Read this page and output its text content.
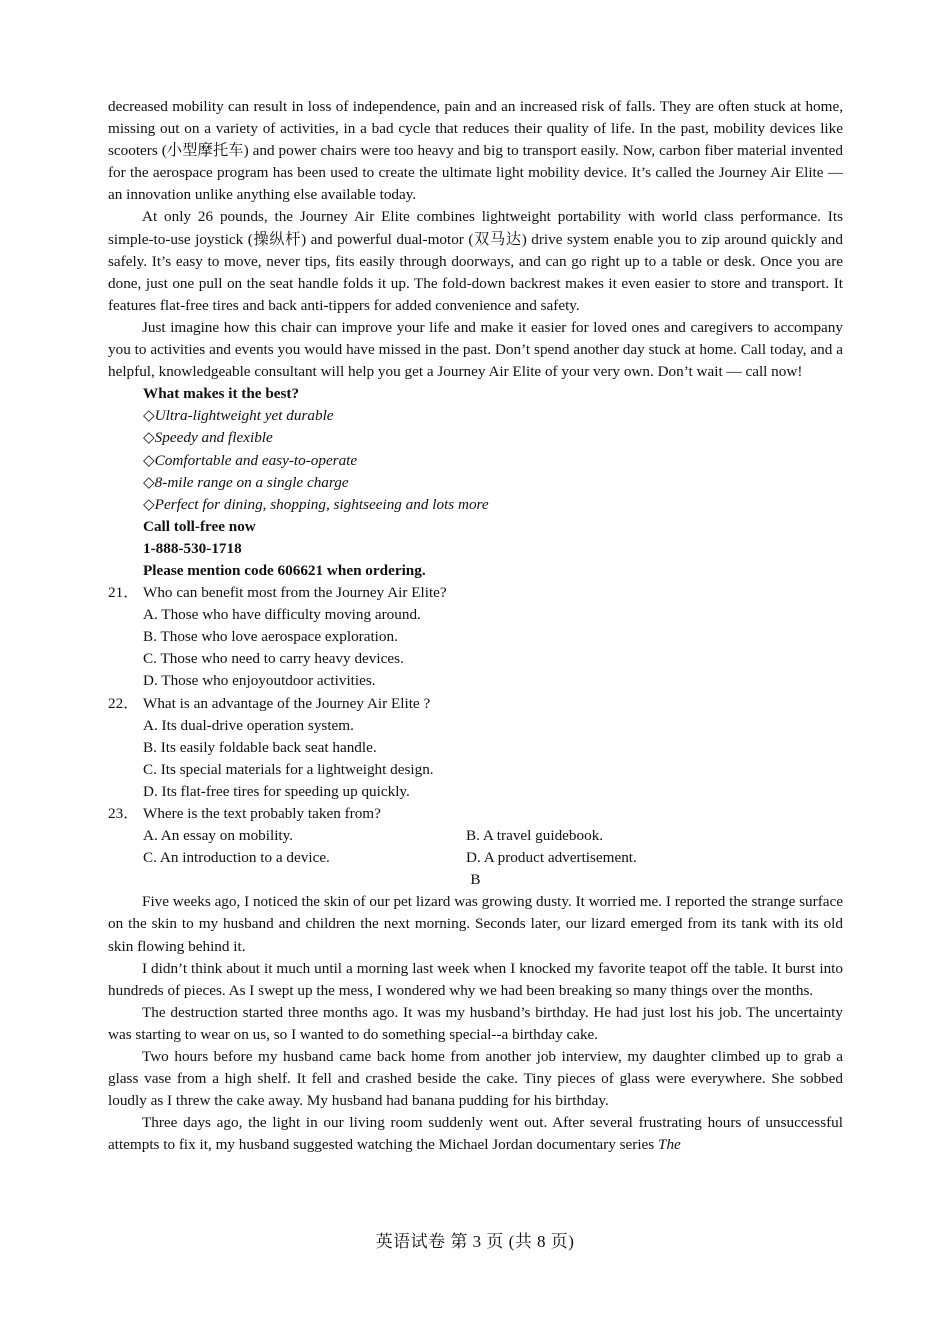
decreased mobility can result in loss of independence, pain and an increased risk of falls. They are often stuck at home, missing out on a variety of activities, in a bad cycle that reduces their quality of life. In the past, mobility devices like scooters (小型摩托车) and power chairs were too heavy and big to transport easily. Now, carbon fiber material invented for the aerospace program has been used to create the ultimate light mobility device. It’s called the Journey Air Elite — an innovation unlike anything else available today.

At only 26 pounds, the Journey Air Elite combines lightweight portability with world class performance. Its simple-to-use joystick (操纵杆) and powerful dual-motor (双马达) drive system enable you to zip around quickly and safely. It’s easy to move, never tips, fits easily through doorways, and can go right up to a table or desk. Once you are done, just one pull on the seat handle folds it up. The fold-down backrest makes it even easier to store and transport. It features flat-free tires and back anti-tippers for added convenience and safety.

Just imagine how this chair can improve your life and make it easier for loved ones and caregivers to accompany you to activities and events you would have missed in the past. Don’t spend another day stuck at home. Call today, and a helpful, knowledgeable consultant will help you get a Journey Air Elite of your very own. Don’t wait — call now!

What makes it the best?
◇Ultra-lightweight yet durable
◇Speedy and flexible
◇Comfortable and easy-to-operate
◇8-mile range on a single charge
◇Perfect for dining, shopping, sightseeing and lots more
Call toll-free now
1-888-530-1718
Please mention code 606621 when ordering.
21． Who can benefit most from the Journey Air Elite?
A. Those who have difficulty moving around.
B. Those who love aerospace exploration.
C. Those who need to carry heavy devices.
D. Those who enjoyoutdoor activities.
22． What is an advantage of the Journey Air Elite ?
A. Its dual-drive operation system.
B. Its easily foldable back seat handle.
C. Its special materials for a lightweight design.
D. Its flat-free tires for speeding up quickly.
23． Where is the text probably taken from?
A. An essay on mobility.	B. A travel guidebook.
C. An introduction to a device.	D. A product advertisement.

B

Five weeks ago, I noticed the skin of our pet lizard was growing dusty. It worried me. I reported the strange surface on the skin to my husband and children the next morning. Seconds later, our lizard emerged from its tank with its old skin flowing behind it.

I didn’t think about it much until a morning last week when I knocked my favorite teapot off the table. It burst into hundreds of pieces. As I swept up the mess, I wondered why we had been breaking so many things over the months.

The destruction started three months ago. It was my husband’s birthday. He had just lost his job. The uncertainty was starting to wear on us, so I wanted to do something special--a birthday cake.

Two hours before my husband came back home from another job interview, my daughter climbed up to grab a glass vase from a high shelf. It fell and crashed beside the cake. Tiny pieces of glass were everywhere. She sobbed loudly as I threw the cake away. My husband had banana pudding for his birthday.

Three days ago, the light in our living room suddenly went out. After several frustrating hours of unsuccessful attempts to fix it, my husband suggested watching the Michael Jordan documentary series The

英语试卷 第 3 页 (共 8 页)
